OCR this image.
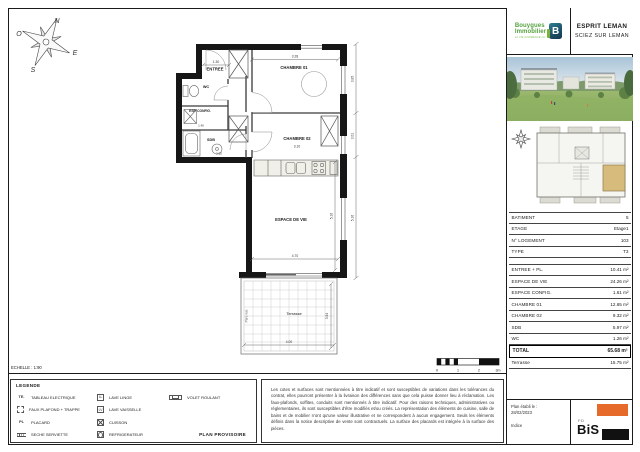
N
O
E
S	ENTREE
WC
ESP. CONFIG.
SDB
CHAMBRE 01
CHAMBRE 02
ESPACE DE VIE
Terrasse
Pare vue
1.30
3.28
1.40
2.02
3.10
4.70
5.16
4.00
3.94
3.85
3.01
5.16
ECHELLE : 1:90
0	1	2	3m
Bouygues
Immobilier
LA VIE COMMENCE ICI
B	ESPRIT LEMAN
SCIEZ SUR LEMAN
BATIMENT	5
ETAGE	Etage1
N° LOGEMENT	103
TYPE	T3
ENTREE + PL.	10.41 m²
ESPACE DE VIE	24.26 m²
ESPACE CONFIG.	1.61 m²
CHAMBRE 01	12.65 m²
CHAMBRE 02	9.32 m²
SDB	5.97 m²
WC	1.26 m²
TOTAL	65.68 m²
Terrasse	15.75 m²
Plan établi le :
28/02/2023
Indice
FD
BiS
LEGENDE
TE.	TABLEAU ELECTRIQUE
FAUX PLAFOND + TRAPPE
PL	PLACARD
SECHE SERVIETTE
LL	LAVE LINGE
LV	LAVE VAISSELLE
CUISSON
REFRIGERATEUR
VOLET ROULANT
PLAN PROVISOIRE
Les cotes et surfaces sont mentionnées à titre indicatif et sont susceptibles de variations dans les tolérances du contrat, elles pourront présenter à la livraison des différences sans que cela puisse donner lieu à réclamation. Les faux-plafonds, soffites, conduits sont mentionnés à titre indicatif. Pour des raisons techniques, administratives ou réglementaires, ils sont susceptibles d'être modifiés et/ou créés. La représentation des éléments de cuisine, salle de bains et de mobilier n'ont qu'une valeur illustrative et ne correspondent à aucun engagement. Seuls les éléments définis dans la notice descriptive de vente sont contractuels. La surface des placards est intégrée à la surface des pièces.
